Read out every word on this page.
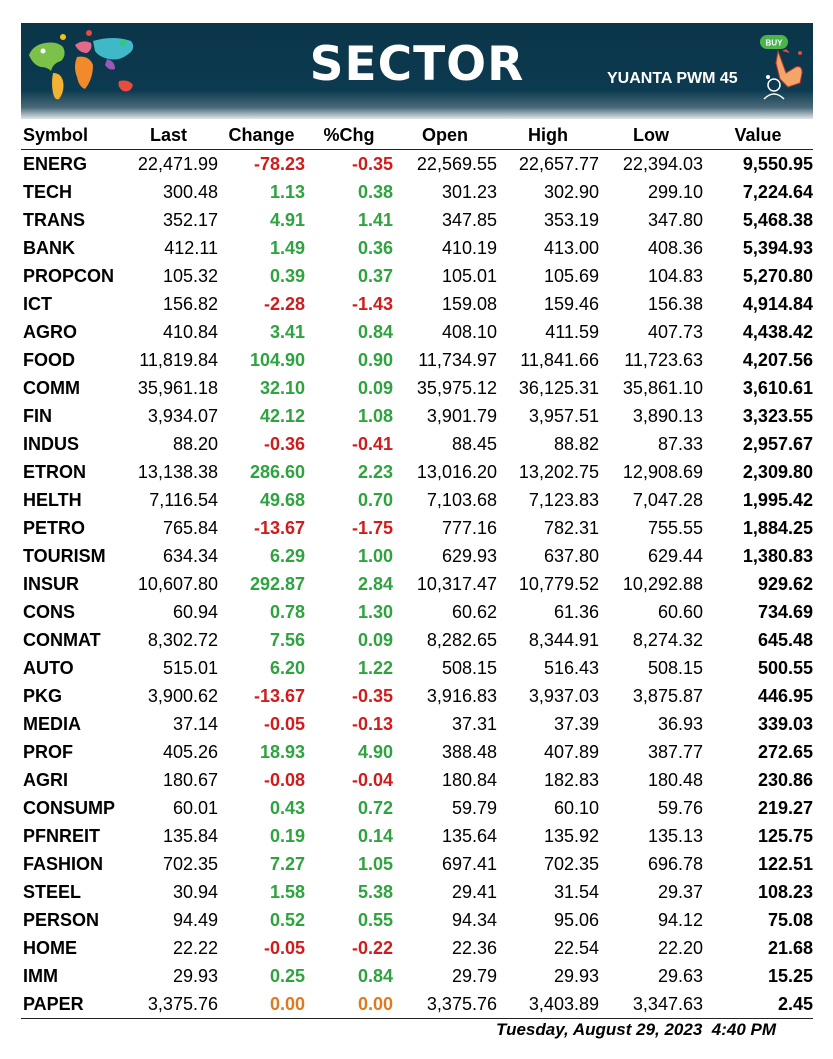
SECTOR	YUANTA PWM 45
BUY
Symbol	Last	Change	%Chg	Open	High	Low	Value
ENERG	22,471.99	-78.23	-0.35	22,569.55	22,657.77	22,394.03	9,550.95
TECH	300.48	1.13	0.38	301.23	302.90	299.10	7,224.64
TRANS	352.17	4.91	1.41	347.85	353.19	347.80	5,468.38
BANK	412.11	1.49	0.36	410.19	413.00	408.36	5,394.93
PROPCON	105.32	0.39	0.37	105.01	105.69	104.83	5,270.80
ICT	156.82	-2.28	-1.43	159.08	159.46	156.38	4,914.84
AGRO	410.84	3.41	0.84	408.10	411.59	407.73	4,438.42
FOOD	11,819.84	104.90	0.90	11,734.97	11,841.66	11,723.63	4,207.56
COMM	35,961.18	32.10	0.09	35,975.12	36,125.31	35,861.10	3,610.61
FIN	3,934.07	42.12	1.08	3,901.79	3,957.51	3,890.13	3,323.55
INDUS	88.20	-0.36	-0.41	88.45	88.82	87.33	2,957.67
ETRON	13,138.38	286.60	2.23	13,016.20	13,202.75	12,908.69	2,309.80
HELTH	7,116.54	49.68	0.70	7,103.68	7,123.83	7,047.28	1,995.42
PETRO	765.84	-13.67	-1.75	777.16	782.31	755.55	1,884.25
TOURISM	634.34	6.29	1.00	629.93	637.80	629.44	1,380.83
INSUR	10,607.80	292.87	2.84	10,317.47	10,779.52	10,292.88	929.62
CONS	60.94	0.78	1.30	60.62	61.36	60.60	734.69
CONMAT	8,302.72	7.56	0.09	8,282.65	8,344.91	8,274.32	645.48
AUTO	515.01	6.20	1.22	508.15	516.43	508.15	500.55
PKG	3,900.62	-13.67	-0.35	3,916.83	3,937.03	3,875.87	446.95
MEDIA	37.14	-0.05	-0.13	37.31	37.39	36.93	339.03
PROF	405.26	18.93	4.90	388.48	407.89	387.77	272.65
AGRI	180.67	-0.08	-0.04	180.84	182.83	180.48	230.86
CONSUMP	60.01	0.43	0.72	59.79	60.10	59.76	219.27
PFNREIT	135.84	0.19	0.14	135.64	135.92	135.13	125.75
FASHION	702.35	7.27	1.05	697.41	702.35	696.78	122.51
STEEL	30.94	1.58	5.38	29.41	31.54	29.37	108.23
PERSON	94.49	0.52	0.55	94.34	95.06	94.12	75.08
HOME	22.22	-0.05	-0.22	22.36	22.54	22.20	21.68
IMM	29.93	0.25	0.84	29.79	29.93	29.63	15.25
PAPER	3,375.76	0.00	0.00	3,375.76	3,403.89	3,347.63	2.45
Tuesday, August 29, 2023 4:40 PM
